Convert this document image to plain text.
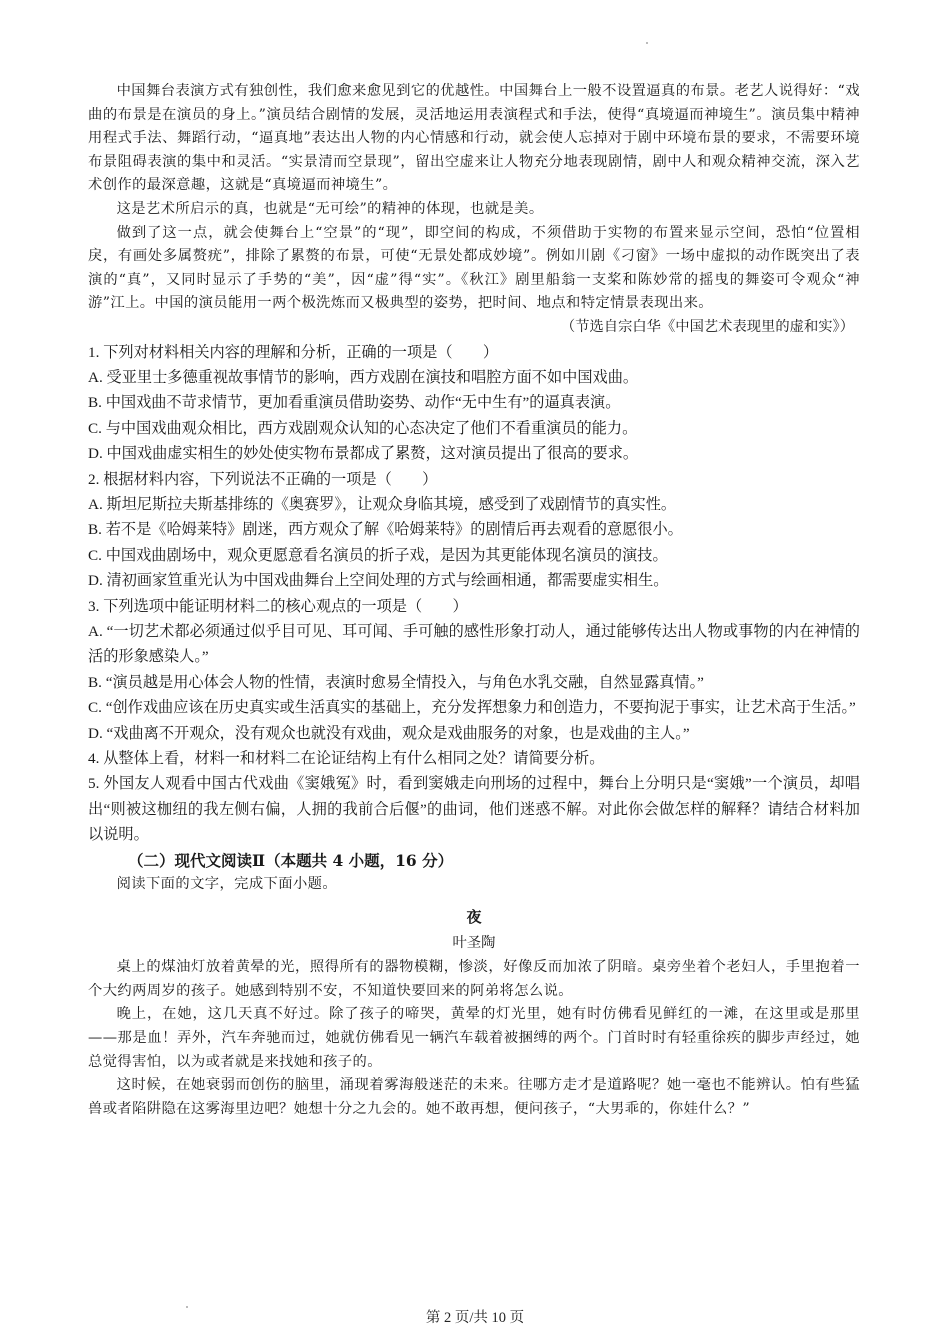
中国舞台表演方式有独创性，我们愈来愈见到它的优越性。中国舞台上一般不设置逼真的布景。老艺人说得好：“戏曲的布景是在演员的身上。”演员结合剧情的发展，灵活地运用表演程式和手法，使得“真境逼而神境生”。演员集中精神用程式手法、舞蹈行动，“逼真地”表达出人物的内心情感和行动，就会使人忘掉对于剧中环境布景的要求，不需要环境布景阻碍表演的集中和灵活。“实景清而空景现”，留出空虚来让人物充分地表现剧情，剧中人和观众精神交流，深入艺术创作的最深意趣，这就是“真境逼而神境生”。

这是艺术所启示的真，也就是“无可绘”的精神的体现，也就是美。

做到了这一点，就会使舞台上“空景”的“现”，即空间的构成，不须借助于实物的布置来显示空间，恐怕“位置相戾，有画处多属赘疣”，排除了累赘的布景，可使“无景处都成妙境”。例如川剧《刁窗》一场中虚拟的动作既突出了表演的“真”，又同时显示了手势的“美”，因“虚”得“实”。《秋江》剧里船翁一支桨和陈妙常的摇曳的舞姿可令观众“神游”江上。中国的演员能用一两个极洗炼而又极典型的姿势，把时间、地点和特定情景表现出来。

（节选自宗白华《中国艺术表现里的虚和实》）

1. 下列对材料相关内容的理解和分析，正确的一项是（　　）

A. 受亚里士多德重视故事情节的影响，西方戏剧在演技和唱腔方面不如中国戏曲。

B. 中国戏曲不苛求情节，更加看重演员借助姿势、动作“无中生有”的逼真表演。

C. 与中国戏曲观众相比，西方戏剧观众认知的心态决定了他们不看重演员的能力。

D. 中国戏曲虚实相生的妙处使实物布景都成了累赘，这对演员提出了很高的要求。

2. 根据材料内容，下列说法不正确的一项是（　　）

A. 斯坦尼斯拉夫斯基排练的《奥赛罗》，让观众身临其境，感受到了戏剧情节的真实性。

B. 若不是《哈姆莱特》剧迷，西方观众了解《哈姆莱特》的剧情后再去观看的意愿很小。

C. 中国戏曲剧场中，观众更愿意看名演员的折子戏，是因为其更能体现名演员的演技。

D. 清初画家笪重光认为中国戏曲舞台上空间处理的方式与绘画相通，都需要虚实相生。

3. 下列选项中能证明材料二的核心观点的一项是（　　）

A. “一切艺术都必须通过似乎目可见、耳可闻、手可触的感性形象打动人，通过能够传达出人物或事物的内在神情的活的形象感染人。”

B. “演员越是用心体会人物的性情，表演时愈易全情投入，与角色水乳交融，自然显露真情。”

C. “创作戏曲应该在历史真实或生活真实的基础上，充分发挥想象力和创造力，不要拘泥于事实，让艺术高于生活。”

D. “戏曲离不开观众，没有观众也就没有戏曲，观众是戏曲服务的对象，也是戏曲的主人。”

4. 从整体上看，材料一和材料二在论证结构上有什么相同之处？请简要分析。

5. 外国友人观看中国古代戏曲《窦娥冤》时，看到窦娥走向刑场的过程中，舞台上分明只是“窦娥”一个演员，却唱出“则被这枷纽的我左侧右偏，人拥的我前合后偃”的曲词，他们迷惑不解。对此你会做怎样的解释？请结合材料加以说明。

（二）现代文阅读Ⅱ（本题共 4 小题，16 分）

阅读下面的文字，完成下面小题。

夜

叶圣陶

桌上的煤油灯放着黄晕的光，照得所有的器物模糊，惨淡，好像反而加浓了阴暗。桌旁坐着个老妇人，手里抱着一个大约两周岁的孩子。她感到特别不安，不知道快要回来的阿弟将怎么说。

晚上，在她，这几天真不好过。除了孩子的啼哭，黄晕的灯光里，她有时仿佛看见鲜红的一滩，在这里或是那里——那是血！弄外，汽车奔驰而过，她就仿佛看见一辆汽车载着被捆缚的两个。门首时时有轻重徐疾的脚步声经过，她总觉得害怕，以为或者就是来找她和孩子的。

这时候，在她衰弱而创伤的脑里，涌现着雾海般迷茫的未来。往哪方走才是道路呢？她一毫也不能辨认。怕有些猛兽或者陷阱隐在这雾海里边吧？她想十分之九会的。她不敢再想，便问孩子，“大男乖的，你娃什么？”

第 2 页/共 10 页
